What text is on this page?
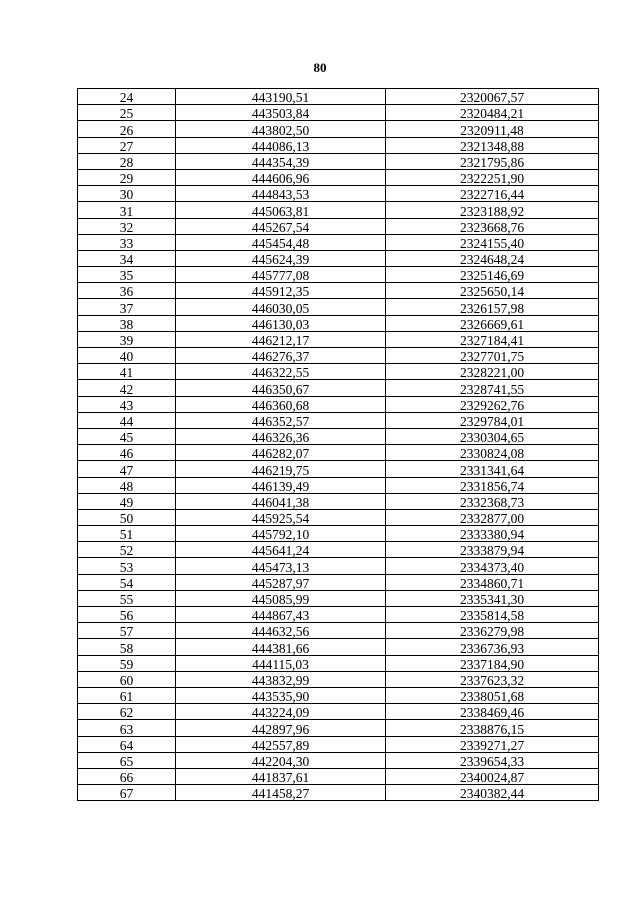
80
24	443190,51	2320067,57
25	443503,84	2320484,21
26	443802,50	2320911,48
27	444086,13	2321348,88
28	444354,39	2321795,86
29	444606,96	2322251,90
30	444843,53	2322716,44
31	445063,81	2323188,92
32	445267,54	2323668,76
33	445454,48	2324155,40
34	445624,39	2324648,24
35	445777,08	2325146,69
36	445912,35	2325650,14
37	446030,05	2326157,98
38	446130,03	2326669,61
39	446212,17	2327184,41
40	446276,37	2327701,75
41	446322,55	2328221,00
42	446350,67	2328741,55
43	446360,68	2329262,76
44	446352,57	2329784,01
45	446326,36	2330304,65
46	446282,07	2330824,08
47	446219,75	2331341,64
48	446139,49	2331856,74
49	446041,38	2332368,73
50	445925,54	2332877,00
51	445792,10	2333380,94
52	445641,24	2333879,94
53	445473,13	2334373,40
54	445287,97	2334860,71
55	445085,99	2335341,30
56	444867,43	2335814,58
57	444632,56	2336279,98
58	444381,66	2336736,93
59	444115,03	2337184,90
60	443832,99	2337623,32
61	443535,90	2338051,68
62	443224,09	2338469,46
63	442897,96	2338876,15
64	442557,89	2339271,27
65	442204,30	2339654,33
66	441837,61	2340024,87
67	441458,27	2340382,44
